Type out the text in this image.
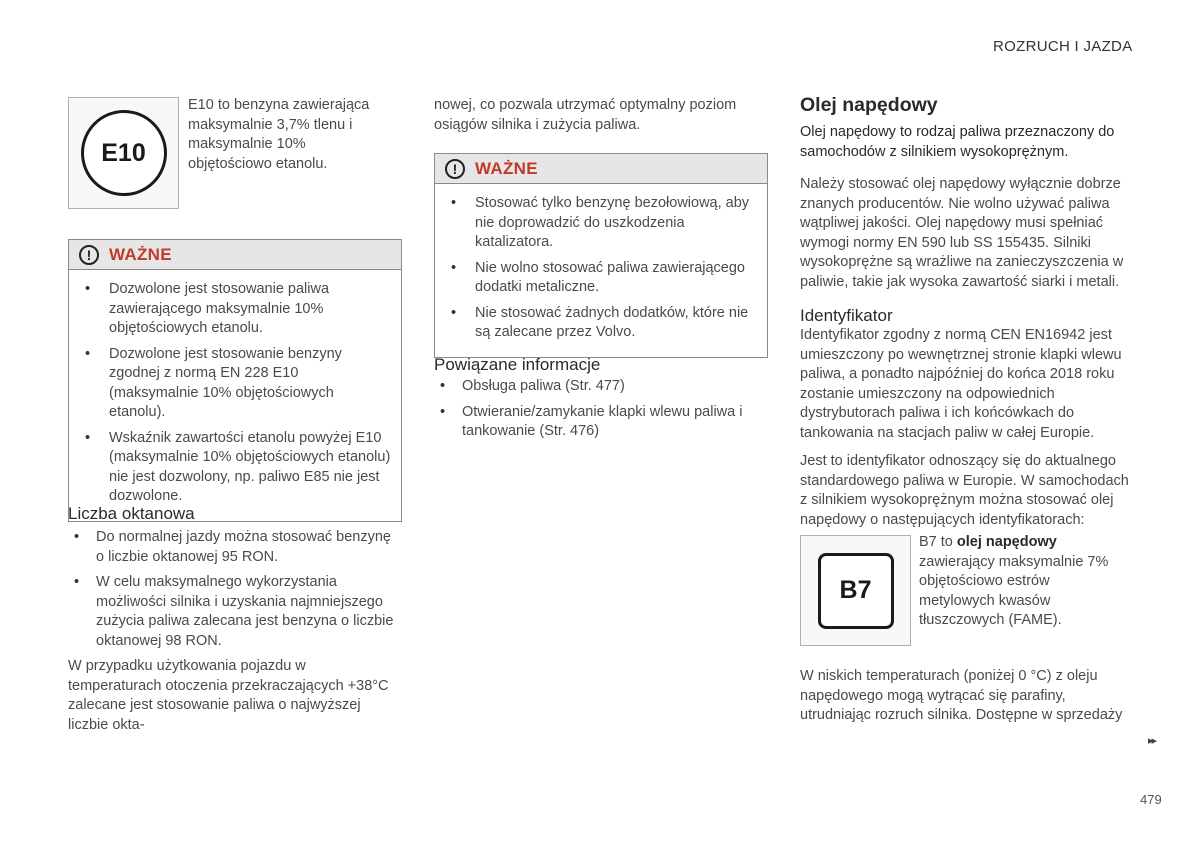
ROZRUCH I JAZDA
E10

E10 to benzyna zawierająca maksymalnie 3,7% tlenu i maksymalnie 10% objętościowo etanolu.

!	WAŻNE
• Dozwolone jest stosowanie paliwa zawierającego maksymalnie 10% objętościowych etanolu.
• Dozwolone jest stosowanie benzyny zgodnej z normą EN 228 E10 (maksymalnie 10% objętościowych etanolu).
• Wskaźnik zawartości etanolu powyżej E10 (maksymalnie 10% objętościowych etanolu) nie jest dozwolony, np. paliwo E85 nie jest dozwolone.
Liczba oktanowa
• Do normalnej jazdy można stosować benzynę o liczbie oktanowej 95 RON.
• W celu maksymalnego wykorzystania możliwości silnika i uzyskania najmniejszego zużycia paliwa zalecana jest benzyna o liczbie oktanowej 98 RON.

W przypadku użytkowania pojazdu w temperaturach otoczenia przekraczających +38°C zalecane jest stosowanie paliwa o najwyższej liczbie okta-

nowej, co pozwala utrzymać optymalny poziom osiągów silnika i zużycia paliwa.

!	WAŻNE
• Stosować tylko benzynę bezołowiową, aby nie doprowadzić do uszkodzenia katalizatora.
• Nie wolno stosować paliwa zawierającego dodatki metaliczne.
• Nie stosować żadnych dodatków, które nie są zalecane przez Volvo.
Powiązane informacje
• Obsługa paliwa (Str. 477)
• Otwieranie/zamykanie klapki wlewu paliwa i tankowanie (Str. 476)
Olej napędowy

Olej napędowy to rodzaj paliwa przeznaczony do samochodów z silnikiem wysokoprężnym.

Należy stosować olej napędowy wyłącznie dobrze znanych producentów. Nie wolno używać paliwa wątpliwej jakości. Olej napędowy musi spełniać wymogi normy EN 590 lub SS 155435. Silniki wysokoprężne są wrażliwe na zanieczyszczenia w paliwie, takie jak wysoka zawartość siarki i metali.

Identyfikator

Identyfikator zgodny z normą CEN EN16942 jest umieszczony po wewnętrznej stronie klapki wlewu paliwa, a ponadto najpóźniej do końca 2018 roku zostanie umieszczony na odpowiednich dystrybutorach paliwa i ich końcówkach do tankowania na stacjach paliw w całej Europie.

Jest to identyfikator odnoszący się do aktualnego standardowego paliwa w Europie. W samochodach z silnikiem wysokoprężnym można stosować olej napędowy o następujących identyfikatorach:

B7

B7 to olej napędowy zawierający maksymalnie 7% objętościowo estrów metylowych kwasów tłuszczowych (FAME).

W niskich temperaturach (poniżej 0 °C) z oleju napędowego mogą wytrącać się parafiny, utrudniając rozruch silnika. Dostępne w sprzedaży

▸▸
479
